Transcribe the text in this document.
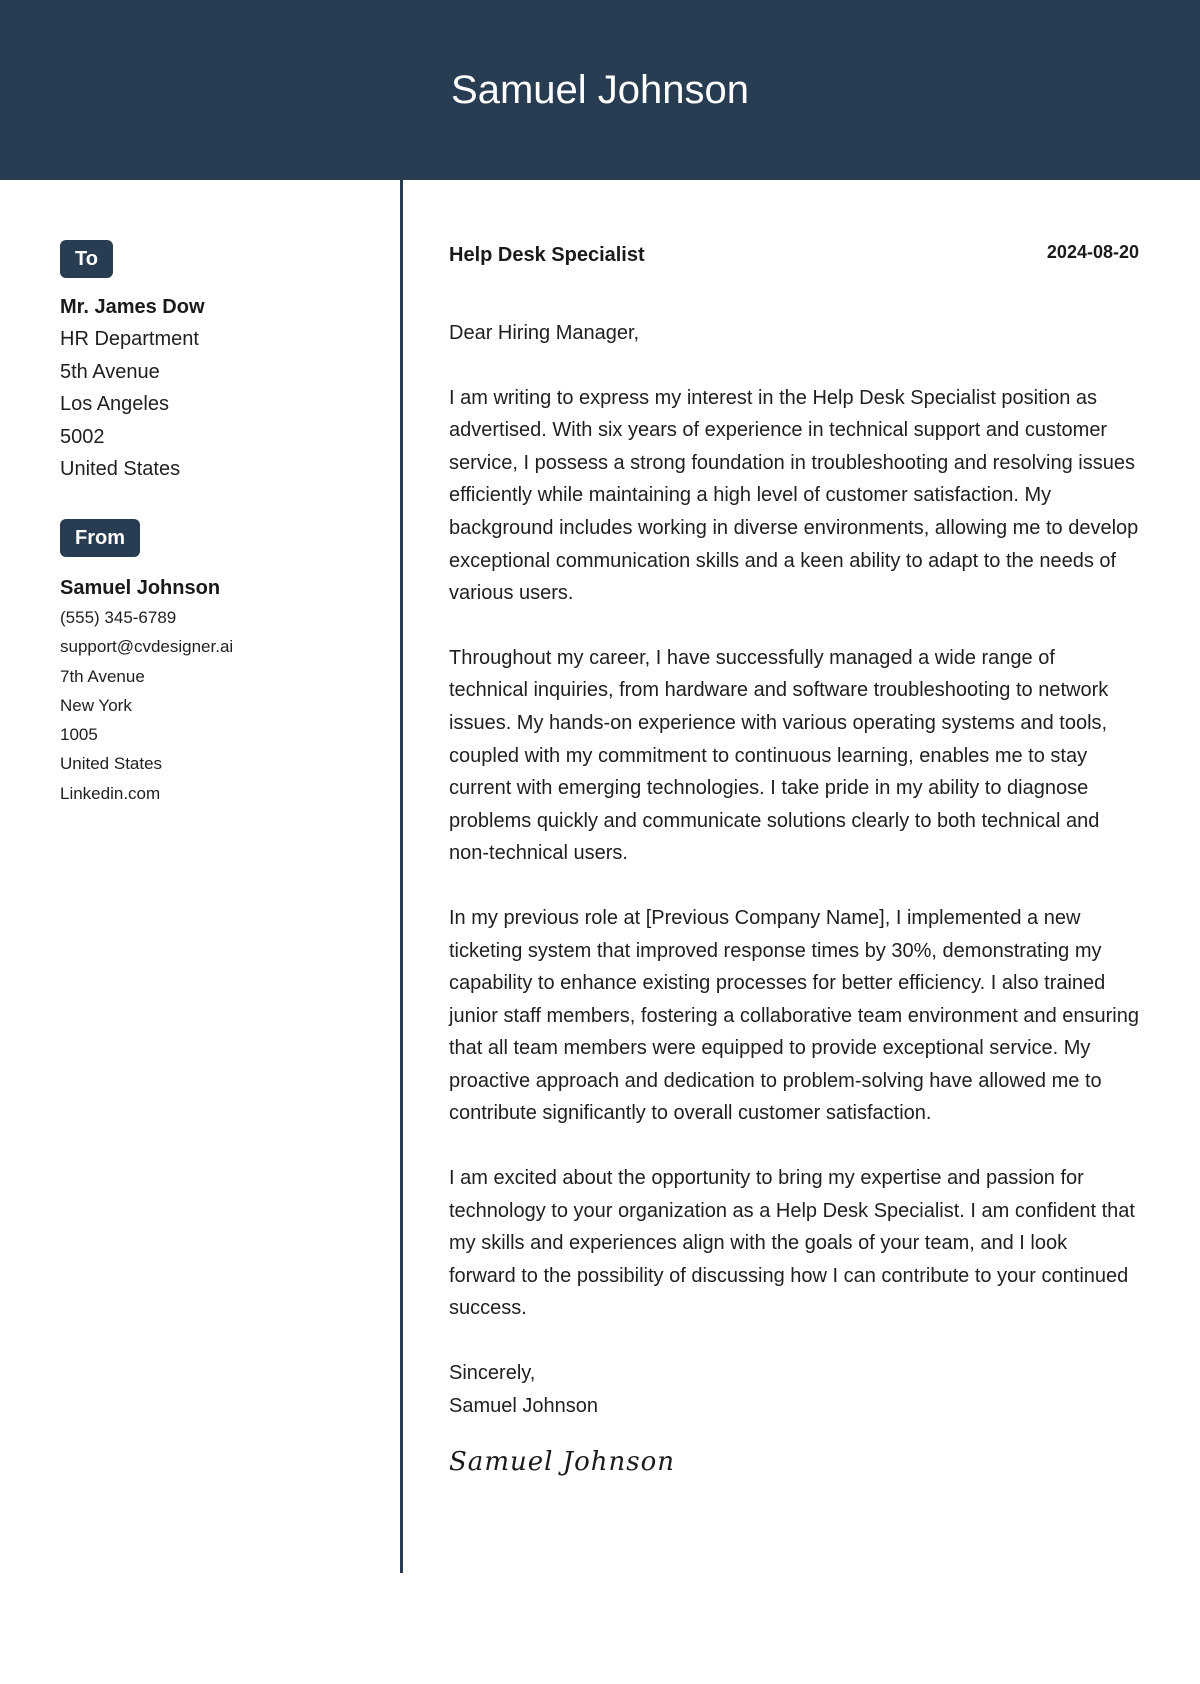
Samuel Johnson
To
Mr. James Dow
HR Department
5th Avenue
Los Angeles
5002
United States
From
Samuel Johnson
(555) 345-6789
support@cvdesigner.ai
7th Avenue
New York
1005
United States
Linkedin.com
Help Desk Specialist	2024-08-20
Dear Hiring Manager,
I am writing to express my interest in the Help Desk Specialist position as advertised. With six years of experience in technical support and customer service, I possess a strong foundation in troubleshooting and resolving issues efficiently while maintaining a high level of customer satisfaction. My background includes working in diverse environments, allowing me to develop exceptional communication skills and a keen ability to adapt to the needs of various users.
Throughout my career, I have successfully managed a wide range of technical inquiries, from hardware and software troubleshooting to network issues. My hands-on experience with various operating systems and tools, coupled with my commitment to continuous learning, enables me to stay current with emerging technologies. I take pride in my ability to diagnose problems quickly and communicate solutions clearly to both technical and non-technical users.
In my previous role at [Previous Company Name], I implemented a new ticketing system that improved response times by 30%, demonstrating my capability to enhance existing processes for better efficiency. I also trained junior staff members, fostering a collaborative team environment and ensuring that all team members were equipped to provide exceptional service. My proactive approach and dedication to problem-solving have allowed me to contribute significantly to overall customer satisfaction.
I am excited about the opportunity to bring my expertise and passion for technology to your organization as a Help Desk Specialist. I am confident that my skills and experiences align with the goals of your team, and I look forward to the possibility of discussing how I can contribute to your continued success.
Sincerely,
Samuel Johnson
Samuel Johnson
